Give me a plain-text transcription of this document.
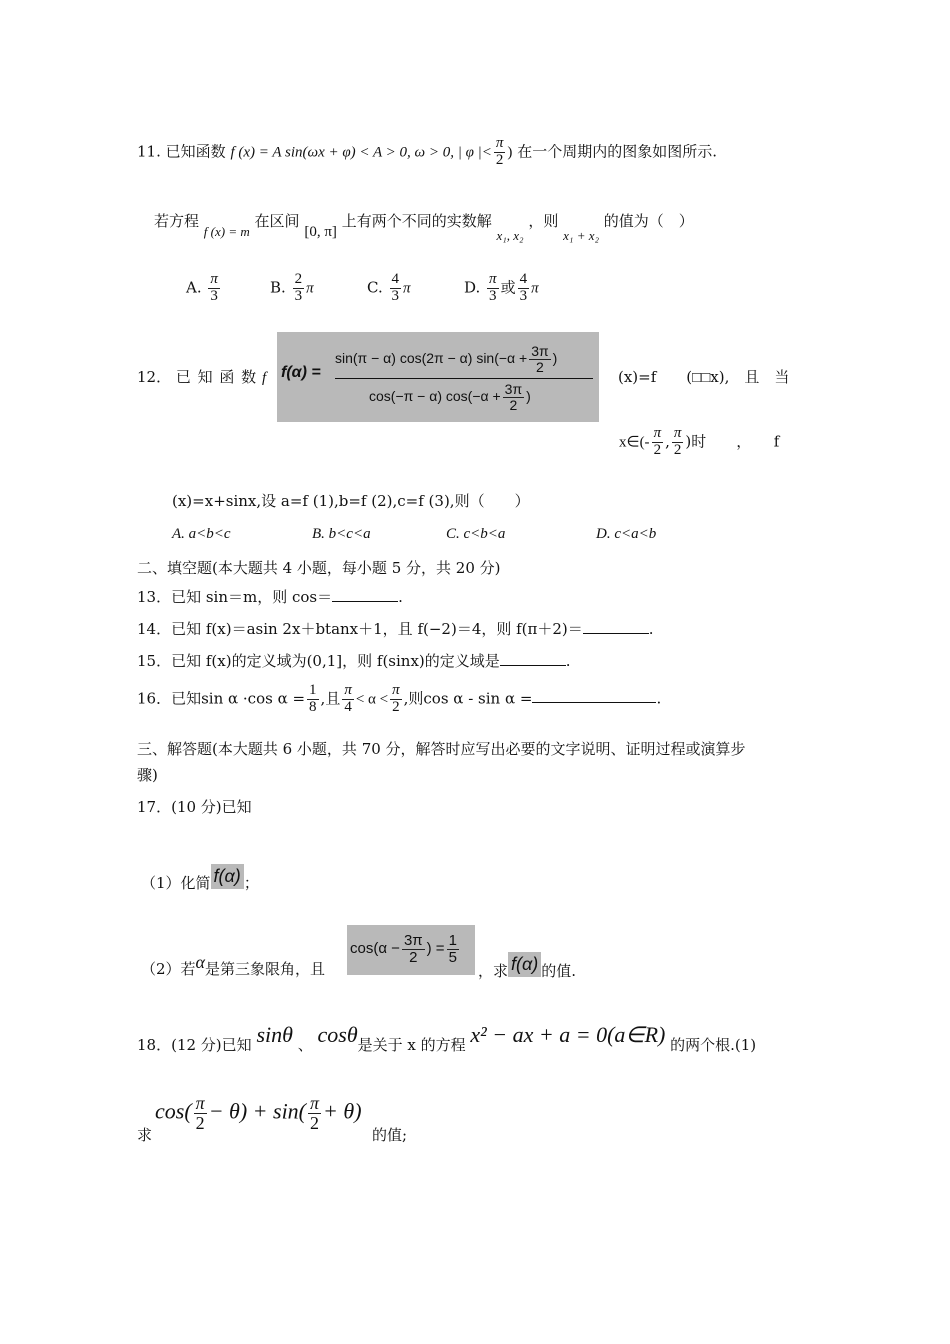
11. 已知函数 f (x) = A sin(ωx + φ) < A > 0, ω > 0, | φ |< $\frac{\pi}{2}$ ) 在一个周期内的图象如图所示.
若方程 f (x) = m 在区间 [0, π] 上有两个不同的实数解 x₁, x₂ ，则 x₁ + x₂ 的值为（　）
A. $\frac{\pi}{3}$	B. $\frac{2}{3}$ π	C. $\frac{4}{3}$ π	D. $\frac{\pi}{3}$ 或 $\frac{4}{3}$ π
12． 已 知 函 数 f f(α) =
sin(π − α) cos(2π − α) $\sin(-\alpha + \frac{3\pi}{2}$ )
cos(−π − α) $\cos(-\alpha + \frac{3\pi}{2}$ )
(x)=f　　(□□x),　且　当
x∈(- $\frac{\pi}{2}$ , $\frac{\pi}{2}$ )时　　，　　f
(x)=x+sinx,设 a=f (1),b=f (2),c=f (3),则（　　）
A. a<b<c	B. b<c<a	C. c<b<a	D. c<a<b
二、填空题(本大题共 4 小题，每小题 5 分，共 20 分)
13．已知 sin＝m，则 cos＝	.
14．已知 f(x)＝asin 2x＋btanx＋1，且 f(−2)＝4，则 f(π＋2)＝	.
15．已知 f(x)的定义域为(0,1]，则 f(sinx)的定义域是	.
16．已知sin α ·cos $\alpha = \frac{1}{8}$ ,且 $\frac{\pi}{4} < \alpha < \frac{\pi}{2}$ ,则cos α - sin α =	.
三、解答题(本大题共 6 小题，共 70 分，解答时应写出必要的文字说明、证明过程或演算步
骤)
17．(10 分)已知
（1）化简 f(α) ；
（2）若α是第三象限角，且
$\cos(\alpha - \frac{3\pi}{2}$ ) = $\frac{1}{5}$
，求 f(α) 的值.
18．(12 分)已知 sinθ 、 cosθ是关于 x 的方程 x² − ax + a = 0(a∈R) 的两个根.(1)
求
$\cos( \frac{\pi}{2} - \theta) + \sin( \frac{\pi}{2} + \theta)$
的值;
